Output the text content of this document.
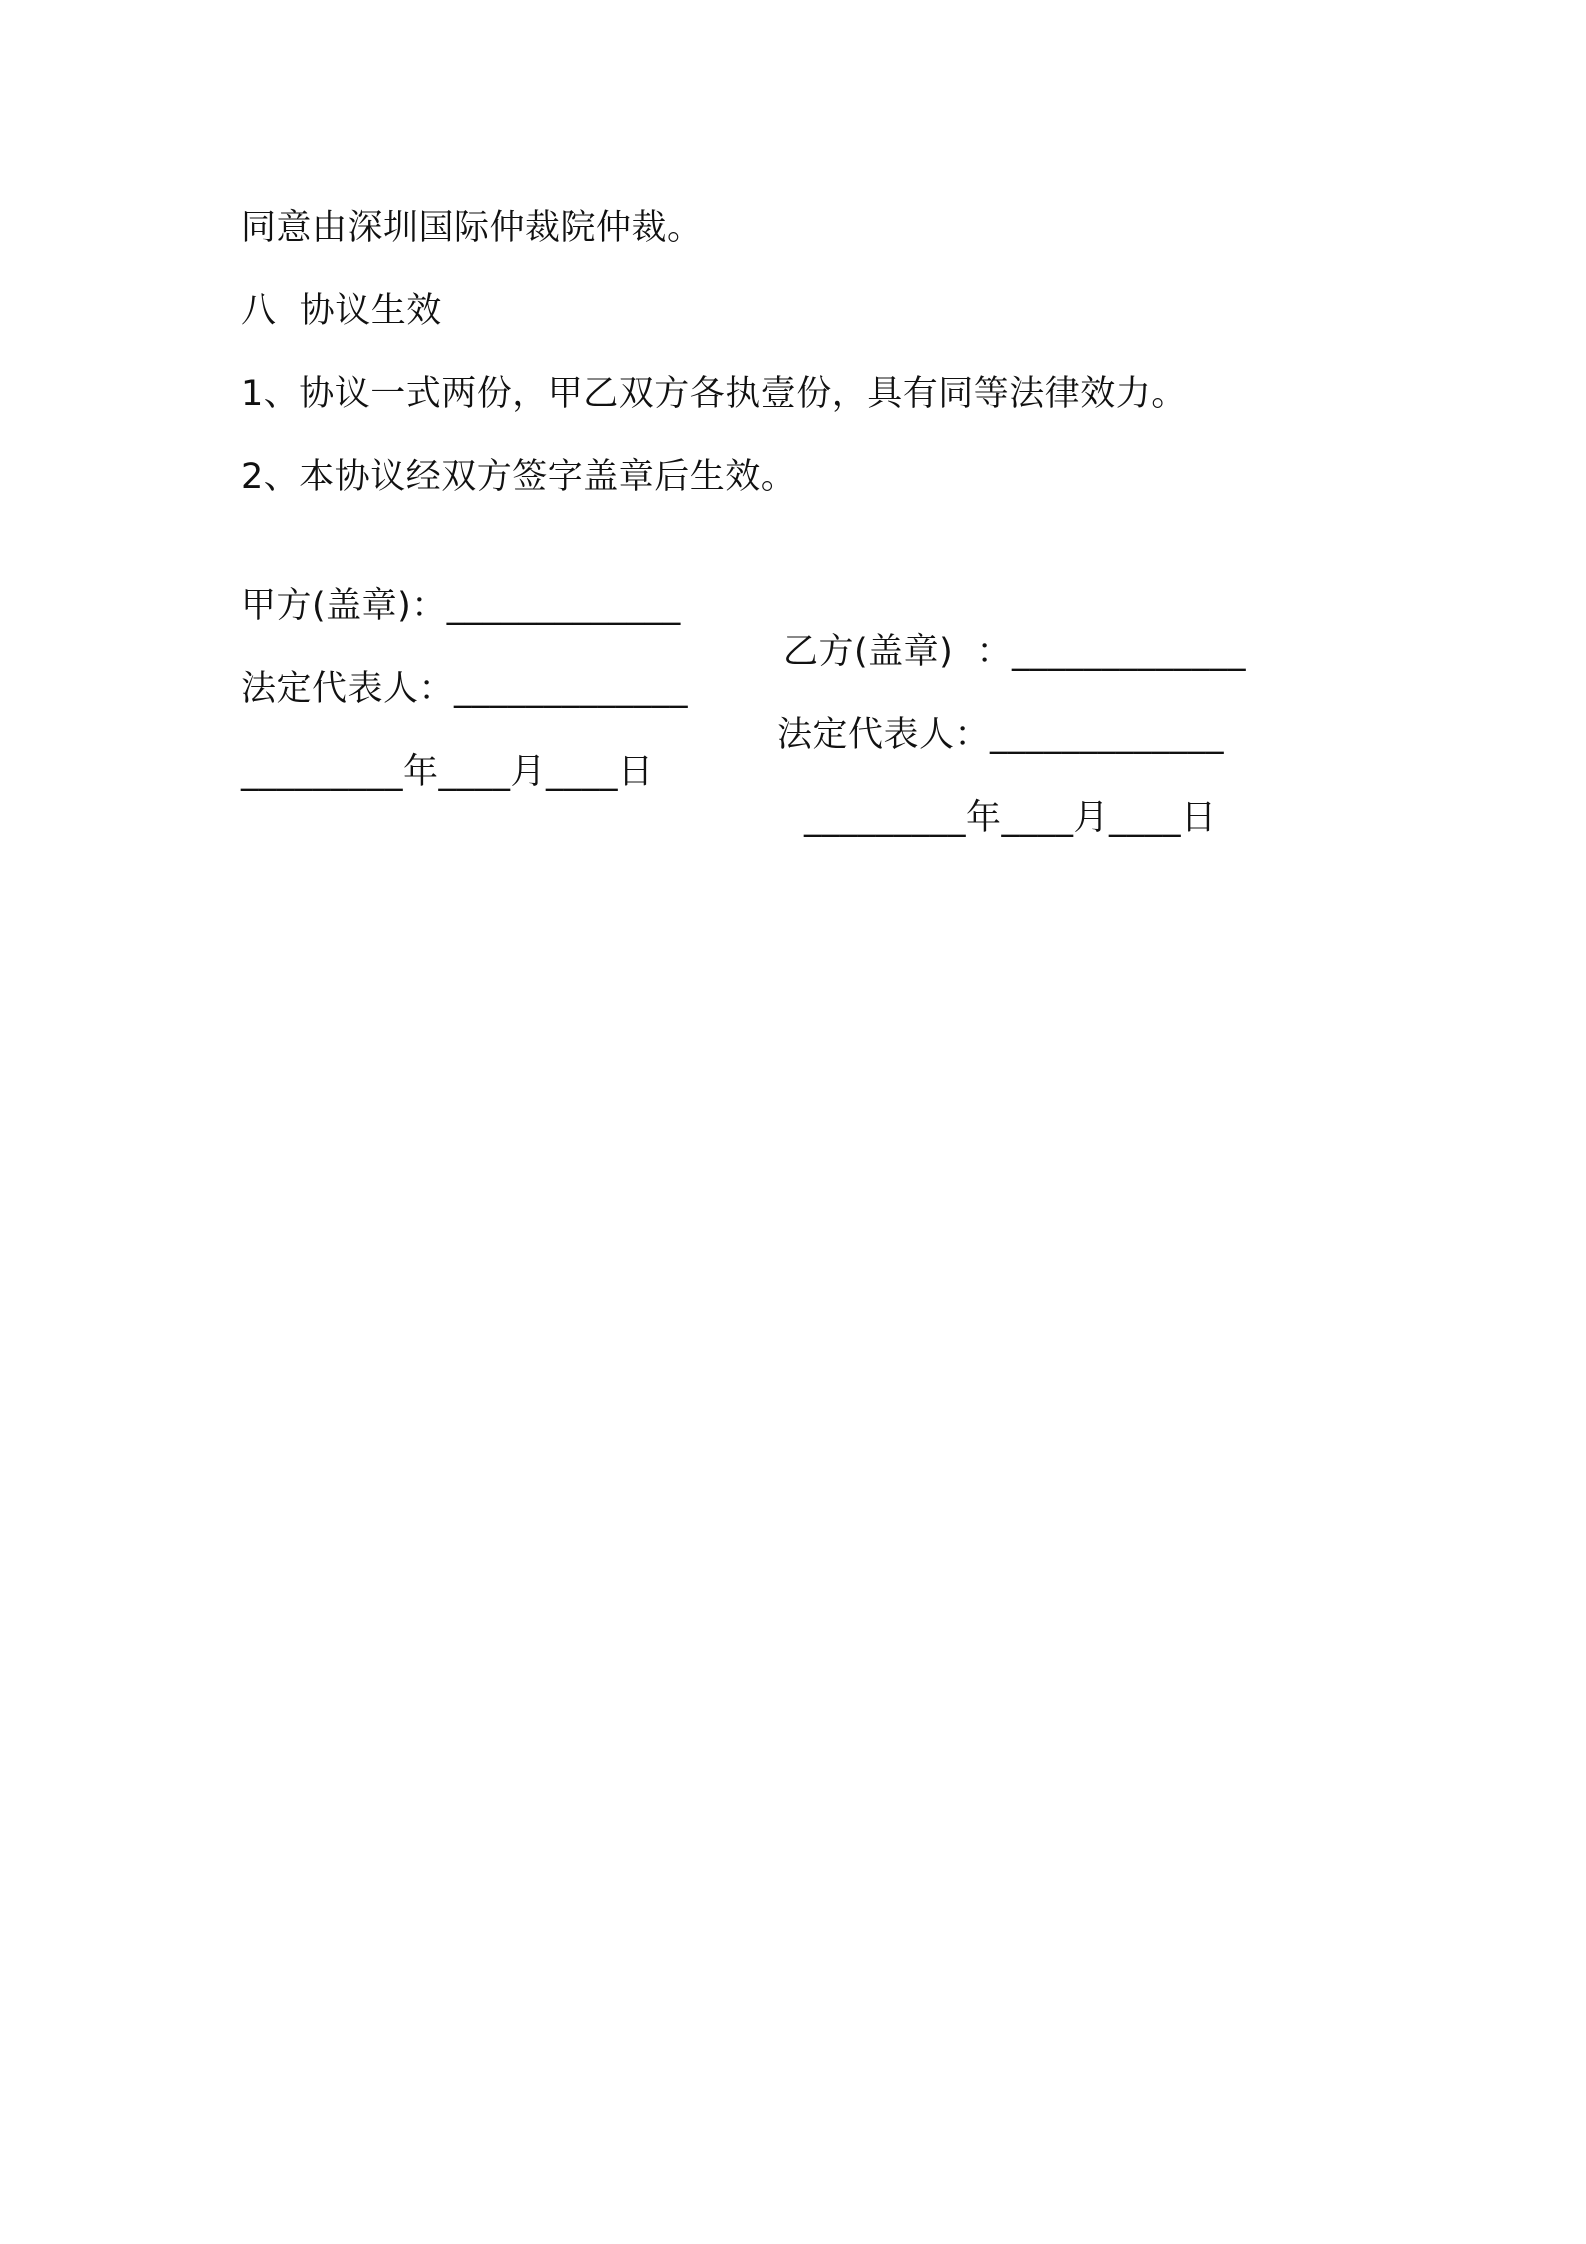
同意由深圳国际仲裁院仲裁。
八  协议生效
1、协议一式两份，甲乙双方各执壹份，具有同等法律效力。
2、本协议经双方签字盖章后生效。

甲方(盖章)：_____________

乙方(盖章)  ：_____________

法定代表人：_____________

法定代表人：_____________

_________年____月____日

_________年____月____日
